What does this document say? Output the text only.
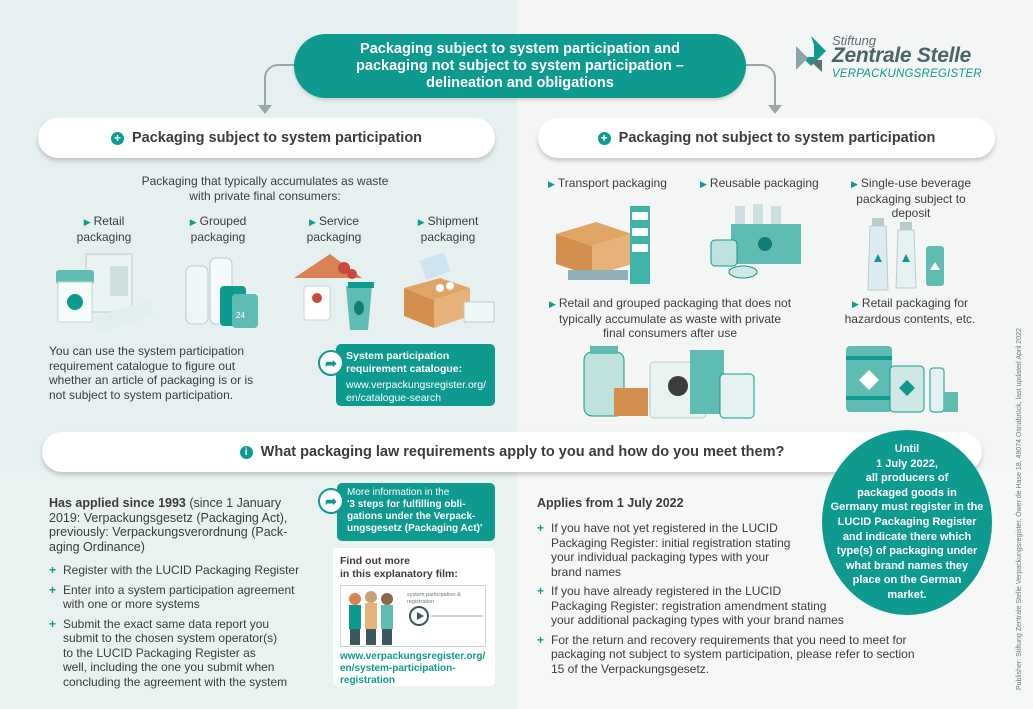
Packaging subject to system participation and
packaging not subject to system participation –
delineation and obligations
Stiftung
Zentrale Stelle
VERPACKUNGSREGISTER
+ Packaging subject to system participation	+ Packaging not subject to system participation
Packaging that typically accumulates as waste
with private final consumers:
▶ Retail
packaging
▶ Grouped
packaging
▶ Service
packaging
▶ Shipment
packaging
24
You can use the system participation
requirement catalogue to figure out
whether an article of packaging is or is
not subject to system participation.
System participation
requirement catalogue:
www.verpackungsregister.org/
en/catalogue-search
➦
▶ Transport packaging	▶ Reusable packaging	▶ Single-use beverage
packaging subject to
deposit
▶ Retail and grouped packaging that does not
typically accumulate as waste with private
final consumers after use
▶ Retail packaging for
hazardous contents, etc.
i What packaging law requirements apply to you and how do you meet them?
Has applied since 1993 (since 1 January
2019: Verpackungsgesetz (Packaging Act),
previously: Verpackungsverordnung (Pack-
aging Ordinance)
+ Register with the LUCID Packaging Register
+ Enter into a system participation agreement
with one or more systems
+ Submit the exact same data report you
submit to the chosen system operator(s)
to the LUCID Packaging Register as
well, including the one you submit when
concluding the agreement with the system
More information in the
'3 steps for fulfilling obli-
gations under the Verpack-
ungsgesetz (Packaging Act)'
➦
Find out more
in this explanatory film:
system participation &
registration
www.verpackungsregister.org/
en/system-participation-
registration
Applies from 1 July 2022
+ If you have not yet registered in the LUCID
Packaging Register: initial registration stating
your individual packaging types with your
brand names
+ If you have already registered in the LUCID
Packaging Register: registration amendment stating
your additional packaging types with your brand names
+ For the return and recovery requirements that you need to meet for
packaging not subject to system participation, please refer to section
15 of the Verpackungsgesetz.
Until
1 July 2022,
all producers of
packaged goods in
Germany must register in the
LUCID Packaging Register
and indicate there which
type(s) of packaging under
what brand names they
place on the German
market.	Publisher: Stiftung Zentrale Stelle Verpackungsregister, Öwer de Hase 18, 49074 Osnabrück, last updated April 2022
